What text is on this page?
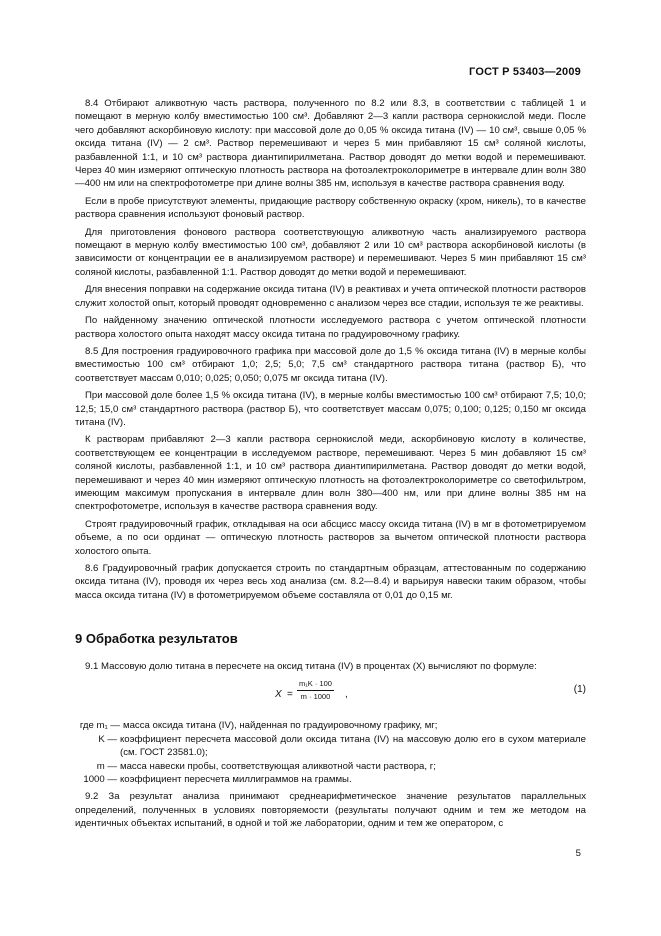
ГОСТ Р 53403—2009

8.4 Отбирают аликвотную часть раствора, полученного по 8.2 или 8.3, в соответствии с таблицей 1 и помещают в мерную колбу вместимостью 100 см³. Добавляют 2—3 капли раствора сернокислой меди. После чего добавляют аскорбиновую кислоту: при массовой доле до 0,05 % оксида титана (IV) — 10 см³, свыше 0,05 % оксида титана (IV) — 2 см³. Раствор перемешивают и через 5 мин прибавляют 15 см³ соляной кислоты, разбавленной 1:1, и 10 см³ раствора диантипирилметана. Раствор доводят до метки водой и перемешивают. Через 40 мин измеряют оптическую плотность раствора на фотоэлектроколориметре в интервале длин волн 380—400 нм или на спектрофотометре при длине волны 385 нм, используя в качестве раствора сравнения воду.

Если в пробе присутствуют элементы, придающие раствору собственную окраску (хром, никель), то в качестве раствора сравнения используют фоновый раствор.

Для приготовления фонового раствора соответствующую аликвотную часть анализируемого раствора помещают в мерную колбу вместимостью 100 см³, добавляют 2 или 10 см³ раствора аскорбиновой кислоты (в зависимости от концентрации ее в анализируемом растворе) и перемешивают. Через 5 мин прибавляют 15 см³ соляной кислоты, разбавленной 1:1. Раствор доводят до метки водой и перемешивают.

Для внесения поправки на содержание оксида титана (IV) в реактивах и учета оптической плотности растворов служит холостой опыт, который проводят одновременно с анализом через все стадии, используя те же реактивы.

По найденному значению оптической плотности исследуемого раствора с учетом оптической плотности раствора холостого опыта находят массу оксида титана по градуировочному графику.

8.5 Для построения градуировочного графика при массовой доле до 1,5 % оксида титана (IV) в мерные колбы вместимостью 100 см³ отбирают 1,0; 2,5; 5,0; 7,5 см³ стандартного раствора титана (раствор Б), что соответствует массам 0,010; 0,025; 0,050; 0,075 мг оксида титана (IV).

При массовой доле более 1,5 % оксида титана (IV), в мерные колбы вместимостью 100 см³ отбирают 7,5; 10,0; 12,5; 15,0 см³ стандартного раствора (раствор Б), что соответствует массам 0,075; 0,100; 0,125; 0,150 мг оксида титана (IV).

К растворам прибавляют 2—3 капли раствора сернокислой меди, аскорбиновую кислоту в количестве, соответствующем ее концентрации в исследуемом растворе, перемешивают. Через 5 мин добавляют 15 см³ соляной кислоты, разбавленной 1:1, и 10 см³ раствора диантипирилметана. Раствор доводят до метки водой, перемешивают и через 40 мин измеряют оптическую плотность на фотоэлектроколориметре со светофильтром, имеющим максимум пропускания в интервале длин волн 380—400 нм, или при длине волны 385 нм на спектрофотометре, используя в качестве раствора сравнения воду.

Строят градуировочный график, откладывая на оси абсцисс массу оксида титана (IV) в мг в фотометрируемом объеме, а по оси ординат — оптическую плотность растворов за вычетом оптической плотности раствора холостого опыта.

8.6 Градуировочный график допускается строить по стандартным образцам, аттестованным по содержанию оксида титана (IV), проводя их через весь ход анализа (см. 8.2—8.4) и варьируя навески таким образом, чтобы масса оксида титана (IV) в фотометрируемом объеме составляла от 0,01 до 0,15 мг.

9 Обработка результатов

9.1 Массовую долю титана в пересчете на оксид титана (IV) в процентах (X) вычисляют по формуле:

$X = \frac{\text{m₁K · 100}}{m \cdot 1000}$ ,	(1)
где m₁ — масса оксида титана (IV), найденная по градуировочному графику, мг;
K — коэффициент пересчета массовой доли оксида титана (IV) на массовую долю его в сухом материале (см. ГОСТ 23581.0);
m — масса навески пробы, соответствующая аликвотной части раствора, г;
1000 — коэффициент пересчета миллиграммов на граммы.

9.2 За результат анализа принимают среднеарифметическое значение результатов параллельных определений, полученных в условиях повторяемости (результаты получают одним и тем же методом на идентичных объектах испытаний, в одной и той же лаборатории, одним и тем же оператором, с

5
